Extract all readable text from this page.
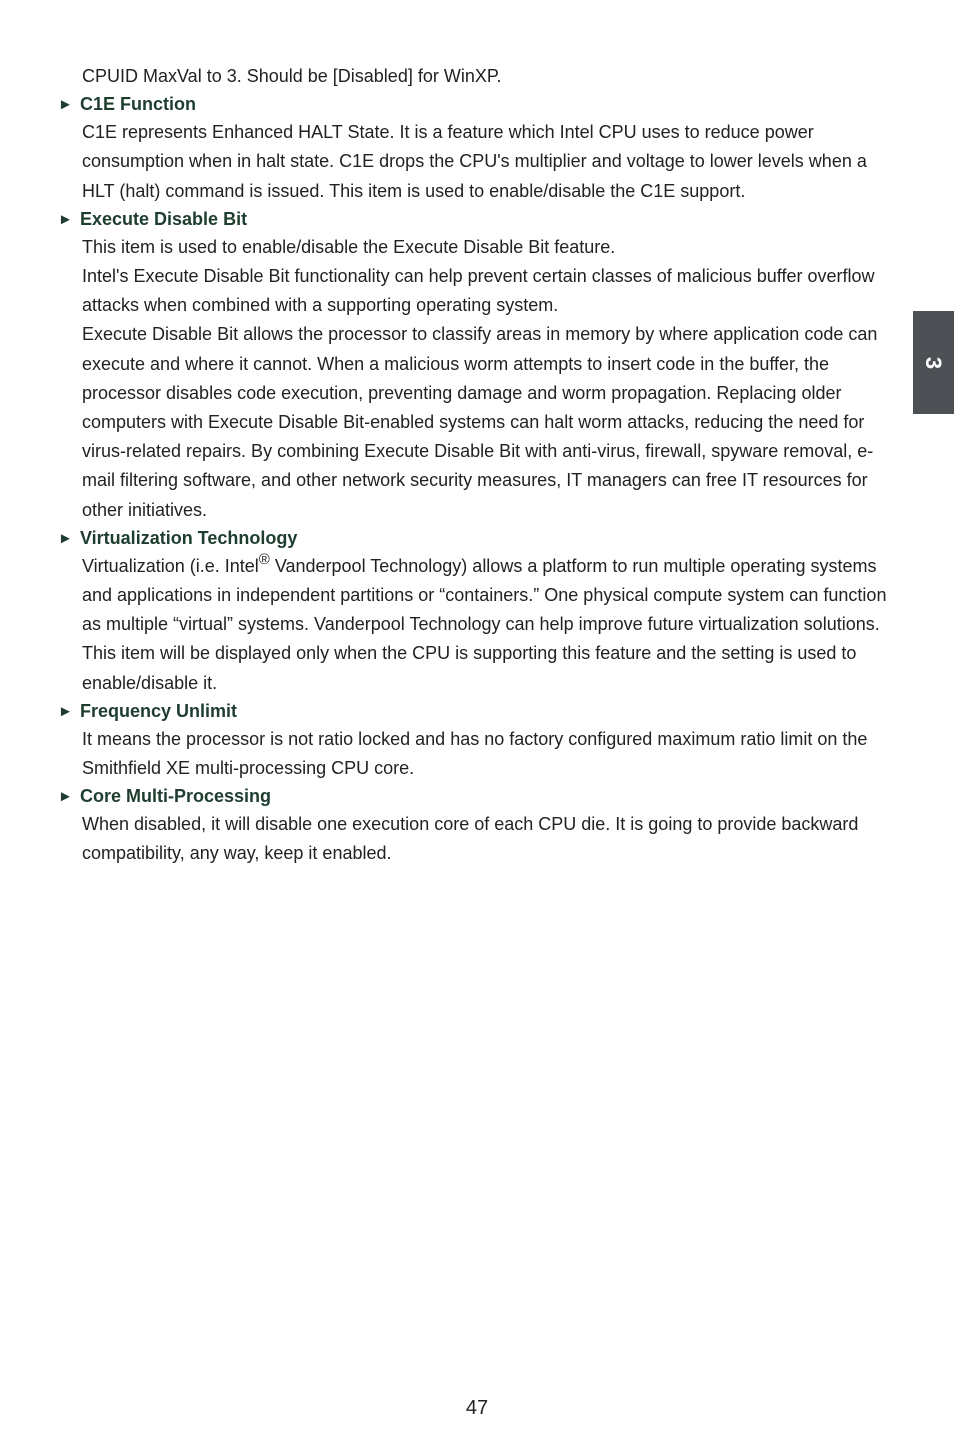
CPUID MaxVal to 3. Should be [Disabled] for WinXP.

► C1E Function

C1E represents Enhanced HALT State. It is a feature which Intel CPU uses to reduce power consumption when in halt state. C1E drops the CPU's multiplier and voltage to lower levels when a HLT (halt) command is issued. This item is used to enable/disable the C1E support.

► Execute Disable Bit

This item is used to enable/disable the Execute Disable Bit feature.

Intel's Execute Disable Bit functionality can help prevent certain classes of malicious buffer overflow attacks when combined with a supporting operating system.

Execute Disable Bit allows the processor to classify areas in memory by where application code can execute and where it cannot. When a malicious worm attempts to insert code in the buffer, the processor disables code execution, preventing damage and worm propagation. Replacing older computers with Execute Disable Bit-enabled systems can halt worm attacks, reducing the need for virus-related repairs. By combining Execute Disable Bit with anti-virus, firewall, spyware removal, e-mail filtering software, and other network security measures, IT managers can free IT resources for other initiatives.

► Virtualization Technology

Virtualization (i.e. Intel® Vanderpool Technology) allows a platform to run multiple operating systems and applications in independent partitions or “containers.” One physical compute system can function as multiple “virtual” systems. Vanderpool Technology can help improve future virtualization solutions. This item will be displayed only when the CPU is supporting this feature and the setting is used to enable/disable it.

► Frequency Unlimit

It means the processor is not ratio locked and has no factory configured maximum ratio limit on the Smithfield XE multi-processing CPU core.

► Core Multi-Processing

When disabled, it will disable one execution core of each CPU die. It is going to provide backward compatibility, any way, keep it enabled.

3
47
